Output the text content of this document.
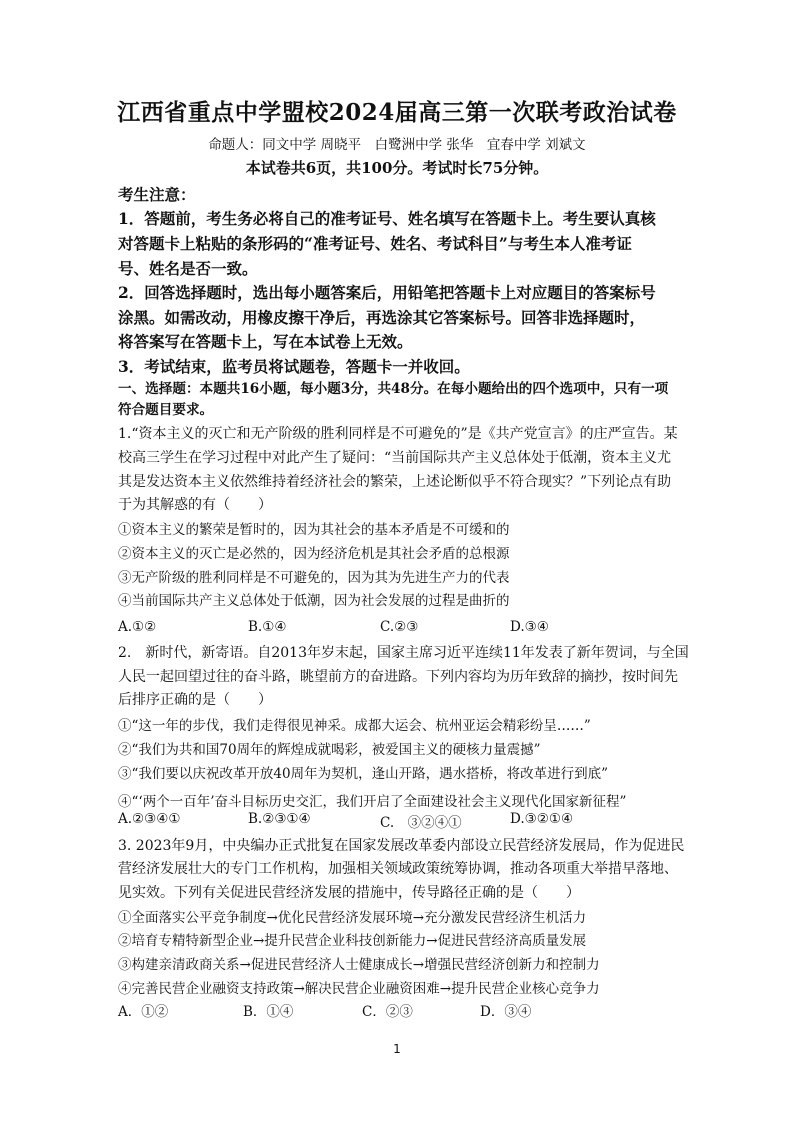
江西省重点中学盟校2024届高三第一次联考政治试卷
命题人：同文中学 周晓平　白鹭洲中学 张华　宜春中学 刘斌文
本试卷共6页，共100分。考试时长75分钟。
考生注意：
1．答题前，考生务必将自己的准考证号、姓名填写在答题卡上。考生要认真核
对答题卡上粘贴的条形码的“准考证号、姓名、考试科目”与考生本人准考证
号、姓名是否一致。
2．回答选择题时，选出每小题答案后，用铅笔把答题卡上对应题目的答案标号
涂黑。如需改动，用橡皮擦干净后，再选涂其它答案标号。回答非选择题时，
将答案写在答题卡上，写在本试卷上无效。
3．考试结束，监考员将试题卷，答题卡一并收回。
一、选择题：本题共16小题，每小题3分，共48分。在每小题给出的四个选项中，只有一项
符合题目要求。
1.“资本主义的灭亡和无产阶级的胜利同样是不可避免的”是《共产党宣言》的庄严宣告。某
校高三学生在学习过程中对此产生了疑问：“当前国际共产主义总体处于低潮，资本主义尤
其是发达资本主义依然维持着经济社会的繁荣，上述论断似乎不符合现实？”下列论点有助
于为其解惑的有（　　）
①资本主义的繁荣是暂时的，因为其社会的基本矛盾是不可缓和的
②资本主义的灭亡是必然的，因为经济危机是其社会矛盾的总根源
③无产阶级的胜利同样是不可避免的，因为其为先进生产力的代表
④当前国际共产主义总体处于低潮，因为社会发展的过程是曲折的
A.①②	B.①④	C.②③	D.③④
2.　新时代，新寄语。自2013年岁末起，国家主席习近平连续11年发表了新年贺词，与全国
人民一起回望过往的奋斗路，眺望前方的奋进路。下列内容均为历年致辞的摘抄，按时间先
后排序正确的是（　　）
①“这一年的步伐，我们走得很见神采。成都大运会、杭州亚运会精彩纷呈……”
②“我们为共和国70周年的辉煌成就喝彩，被爱国主义的硬核力量震撼”
③“我们要以庆祝改革开放40周年为契机，逢山开路，遇水搭桥，将改革进行到底”
④“‘两个一百年’奋斗目标历史交汇，我们开启了全面建设社会主义现代化国家新征程”
A.②③④①	B.②③①④	C.　③②④①	D.③②①④
3. 2023年9月，中央编办正式批复在国家发展改革委内部设立民营经济发展局，作为促进民
营经济发展壮大的专门工作机构，加强相关领域政策统筹协调，推动各项重大举措早落地、
见实效。下列有关促进民营经济发展的措施中，传导路径正确的是（　　）
①全面落实公平竞争制度→优化民营经济发展环境→充分激发民营经济生机活力
②培育专精特新型企业→提升民营企业科技创新能力→促进民营经济高质量发展
③构建亲清政商关系→促进民营经济人士健康成长→增强民营经济创新力和控制力
④完善民营企业融资支持政策→解决民营企业融资困难→提升民营企业核心竞争力
A．①②	B．①④	C．②③	D．③④
1
